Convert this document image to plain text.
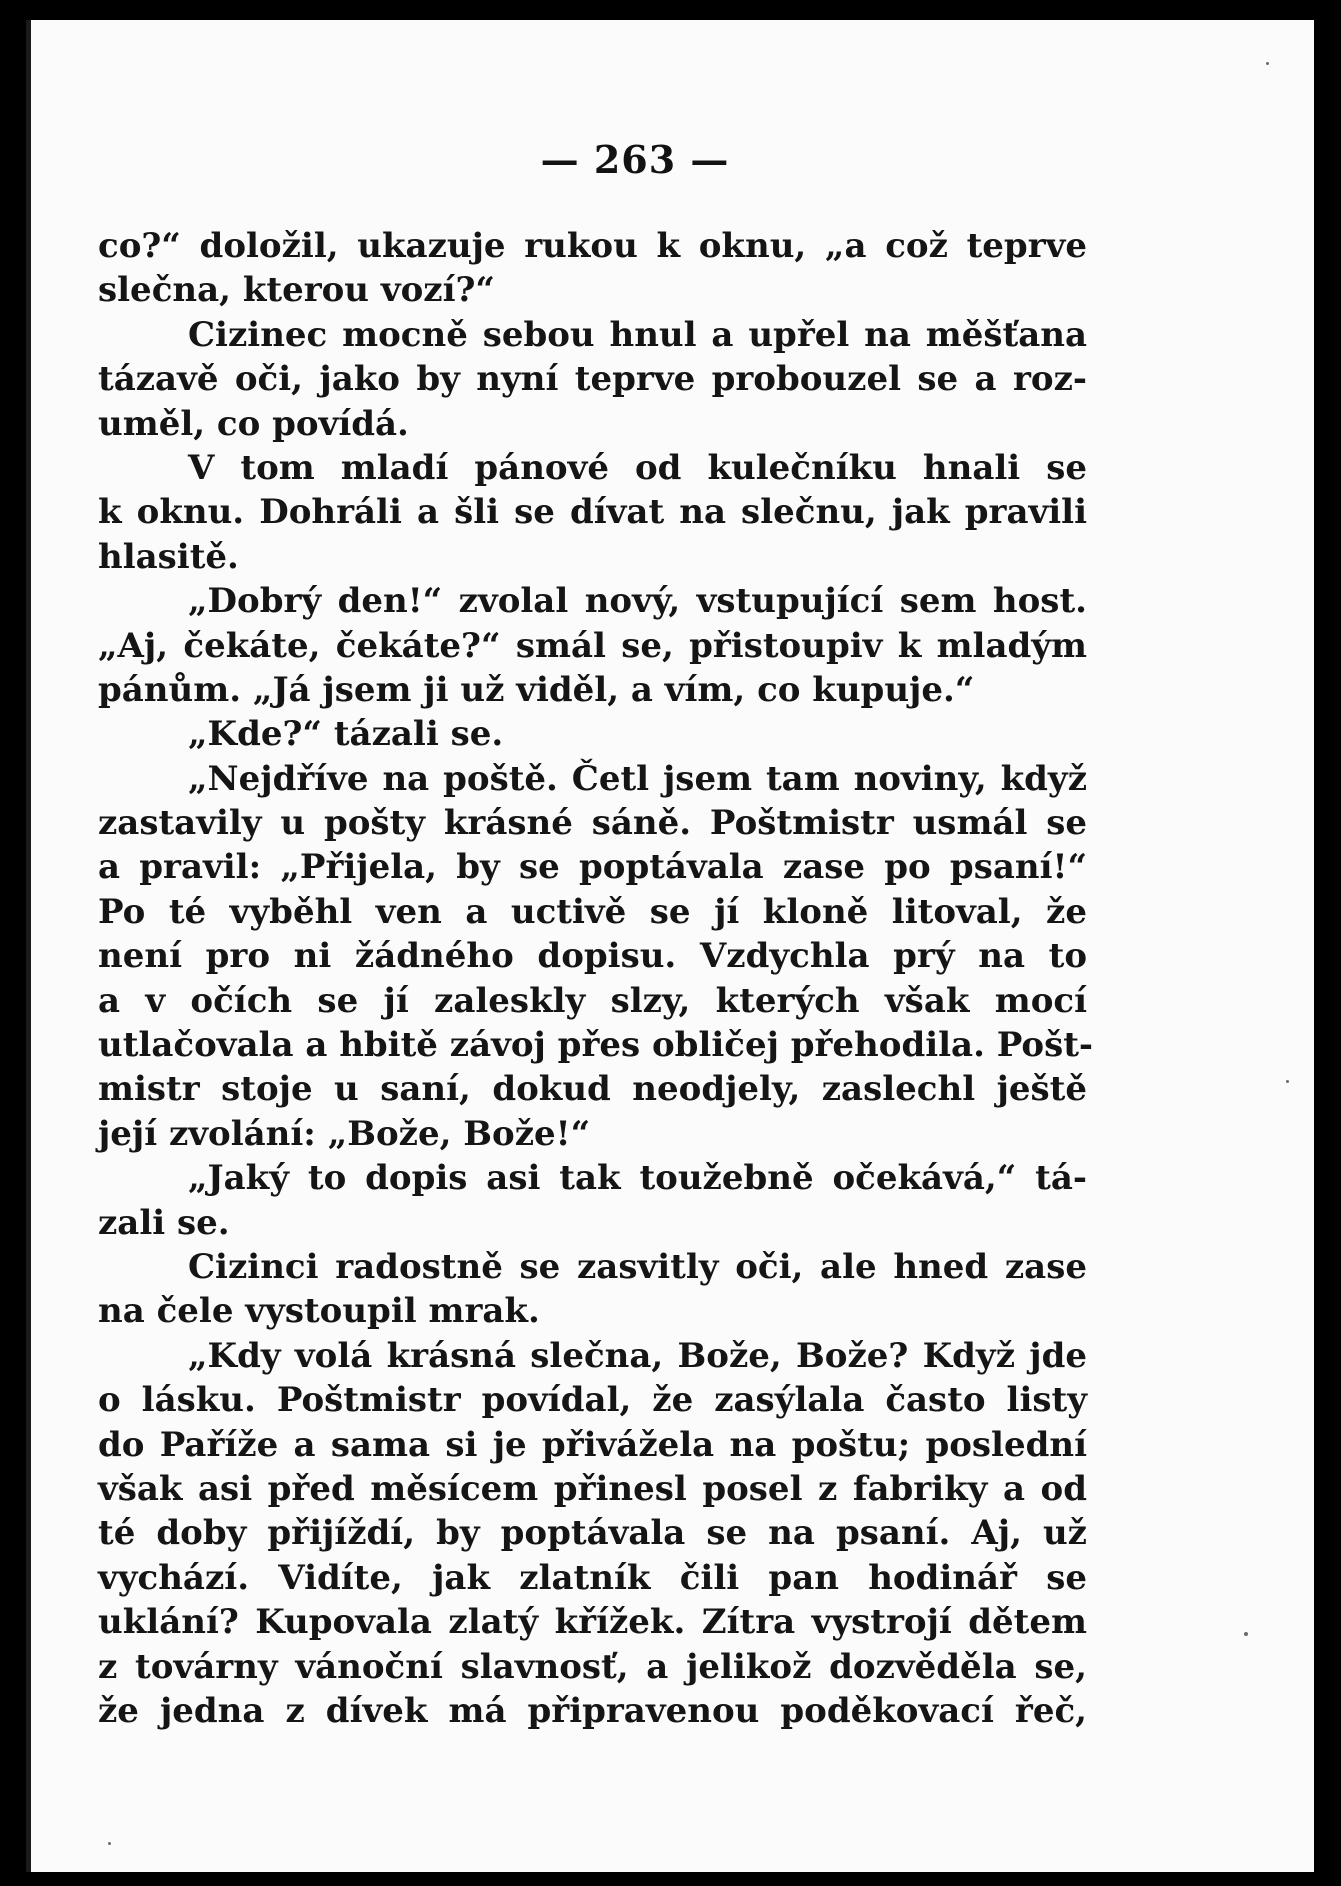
— 263 —
co?“ doložil, ukazuje rukou k oknu, „a což teprve
slečna, kterou vozí?“
Cizinec mocně sebou hnul a upřel na měšťana
tázavě oči, jako by nyní teprve probouzel se a roz-
uměl, co povídá.
V tom mladí pánové od kulečníku hnali se
k oknu. Dohráli a šli se dívat na slečnu, jak pravili
hlasitě.
„Dobrý den!“ zvolal nový, vstupující sem host.
„Aj, čekáte, čekáte?“ smál se, přistoupiv k mladým
pánům. „Já jsem ji už viděl, a vím, co kupuje.“
„Kde?“ tázali se.
„Nejdříve na poště. Četl jsem tam noviny, když
zastavily u pošty krásné sáně. Poštmistr usmál se
a pravil: „Přijela, by se poptávala zase po psaní!“
Po té vyběhl ven a uctivě se jí kloně litoval, že
není pro ni žádného dopisu. Vzdychla prý na to
a v očích se jí zaleskly slzy, kterých však mocí
utlačovala a hbitě závoj přes obličej přehodila. Pošt-
mistr stoje u saní, dokud neodjely, zaslechl ještě
její zvolání: „Bože, Bože!“
„Jaký to dopis asi tak toužebně očekává,“ tá-
zali se.
Cizinci radostně se zasvitly oči, ale hned zase
na čele vystoupil mrak.
„Kdy volá krásná slečna, Bože, Bože? Když jde
o lásku. Poštmistr povídal, že zasýlala často listy
do Paříže a sama si je přivážela na poštu; poslední
však asi před měsícem přinesl posel z fabriky a od
té doby přijíždí, by poptávala se na psaní. Aj, už
vychází. Vidíte, jak zlatník čili pan hodinář se
uklání? Kupovala zlatý křížek. Zítra vystrojí dětem
z továrny vánoční slavnosť, a jelikož dozvěděla se,
že jedna z dívek má připravenou poděkovací řeč,
